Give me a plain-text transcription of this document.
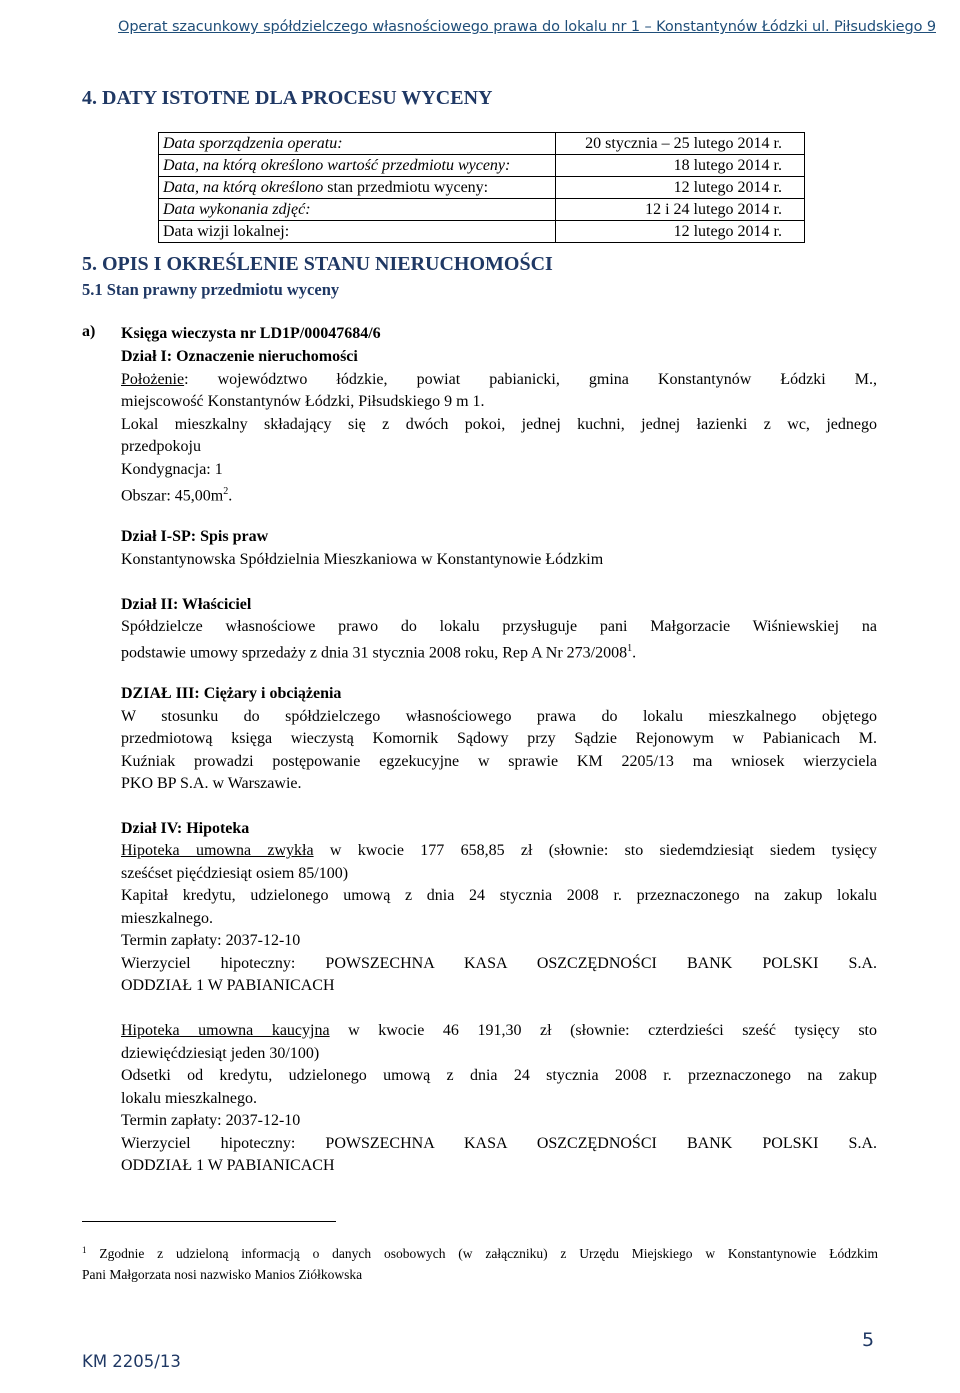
Operat szacunkowy spółdzielczego własnościowego prawa do lokalu nr 1 – Konstantynów Łódzki ul. Piłsudskiego 9
4. DATY ISTOTNE DLA PROCESU WYCENY
Data sporządzenia operatu:	20 stycznia – 25 lutego 2014 r.
Data, na którą określono wartość przedmiotu wyceny:	18 lutego 2014 r.
Data, na którą określono stan przedmiotu wyceny:	12 lutego 2014 r.
Data wykonania zdjęć:	12 i 24 lutego 2014 r.
Data wizji lokalnej:	12 lutego 2014 r.
5. OPIS I OKREŚLENIE STANU NIERUCHOMOŚCI
5.1 Stan prawny przedmiotu wyceny
a) Księga wieczysta nr LD1P/00047684/6
Dział I: Oznaczenie nieruchomości
Położenie: województwo łódzkie, powiat pabianicki, gmina Konstantynów Łódzki M.,
miejscowość Konstantynów Łódzki, Piłsudskiego 9 m 1.
Lokal mieszkalny składający się z dwóch pokoi, jednej kuchni, jednej łazienki z wc, jednego
przedpokoju
Kondygnacja: 1
Obszar: $45,00m^2$.
Dział I-SP: Spis praw
Konstantynowska Spółdzielnia Mieszkaniowa w Konstantynowie Łódzkim
Dział II: Właściciel
Spółdzielcze własnościowe prawo do lokalu przysługuje pani Małgorzacie Wiśniewskiej na
podstawie umowy sprzedaży z dnia 31 stycznia 2008 roku, Rep A Nr 273/2008$^1$.
DZIAŁ III: Ciężary i obciążenia
W stosunku do spółdzielczego własnościowego prawa do lokalu mieszkalnego objętego
przedmiotową księga wieczystą Komornik Sądowy przy Sądzie Rejonowym w Pabianicach M.
Kuźniak prowadzi postępowanie egzekucyjne w sprawie KM 2205/13 ma wniosek wierzyciela
PKO BP S.A. w Warszawie.
Dział IV: Hipoteka
Hipoteka umowna zwykła w kwocie 177 658,85 zł (słownie: sto siedemdziesiąt siedem tysięcy
sześćset pięćdziesiąt osiem 85/100)
Kapitał kredytu, udzielonego umową z dnia 24 stycznia 2008 r. przeznaczonego na zakup lokalu
mieszkalnego.
Termin zapłaty: 2037-12-10
Wierzyciel hipoteczny: POWSZECHNA KASA OSZCZĘDNOŚCI BANK POLSKI S.A.
ODDZIAŁ 1 W PABIANICACH
Hipoteka umowna kaucyjna w kwocie 46 191,30 zł (słownie: czterdzieści sześć tysięcy sto
dziewięćdziesiąt jeden 30/100)
Odsetki od kredytu, udzielonego umową z dnia 24 stycznia 2008 r. przeznaczonego na zakup
lokalu mieszkalnego.
Termin zapłaty: 2037-12-10
Wierzyciel hipoteczny: POWSZECHNA KASA OSZCZĘDNOŚCI BANK POLSKI S.A.
ODDZIAŁ 1 W PABIANICACH
$^1$ Zgodnie z udzieloną informacją o danych osobowych (w załączniku) z Urzędu Miejskiego w Konstantynowie Łódzkim
Pani Małgorzata nosi nazwisko Manios Ziółkowska
5
KM 2205/13
